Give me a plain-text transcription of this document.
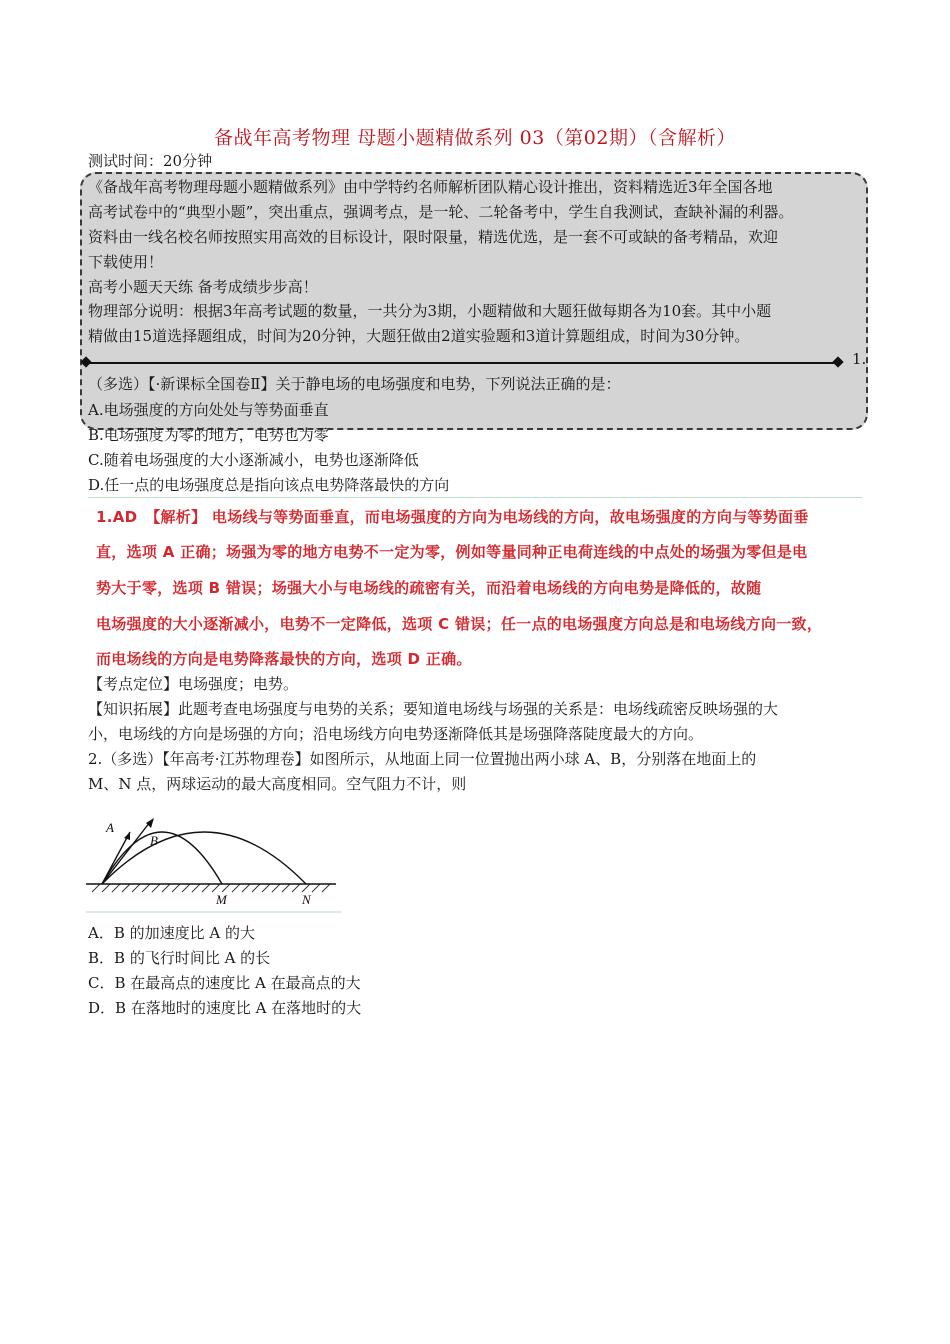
备战年高考物理 母题小题精做系列 03（第02期）（含解析）
测试时间：20分钟
《备战年高考物理母题小题精做系列》由中学特约名师解析团队精心设计推出，资料精选近3年全国各地
高考试卷中的“典型小题”，突出重点，强调考点，是一轮、二轮备考中，学生自我测试，查缺补漏的利器。
资料由一线名校名师按照实用高效的目标设计，限时限量，精选优选，是一套不可或缺的备考精品，欢迎
下载使用！
高考小题天天练 备考成绩步步高！
物理部分说明：根据3年高考试题的数量，一共分为3期，小题精做和大题狂做每期各为10套。其中小题
精做由15道选择题组成，时间为20分钟，大题狂做由2道实验题和3道计算题组成，时间为30分钟。
1.
（多选）【·新课标全国卷Ⅱ】关于静电场的电场强度和电势，下列说法正确的是：
A.电场强度的方向处处与等势面垂直
B.电场强度为零的地方，电势也为零
C.随着电场强度的大小逐渐减小，电势也逐渐降低
D.任一点的电场强度总是指向该点电势降落最快的方向
1.AD　【解析】 电场线与等势面垂直，而电场强度的方向为电场线的方向，故电场强度的方向与等势面垂
直，选项 A 正确；场强为零的地方电势不一定为零，例如等量同种正电荷连线的中点处的场强为零但是电
势大于零，选项 B 错误；场强大小与电场线的疏密有关，而沿着电场线的方向电势是降低的，故随
电场强度的大小逐渐减小，电势不一定降低，选项 C 错误；任一点的电场强度方向总是和电场线方向一致，
而电场线的方向是电势降落最快的方向，选项 D 正确。
【考点定位】电场强度；电势。
【知识拓展】此题考查电场强度与电势的关系；要知道电场线与场强的关系是：电场线疏密反映场强的大
小，电场线的方向是场强的方向；沿电场线方向电势逐渐降低其是场强降落陡度最大的方向。
2.（多选）【年高考·江苏物理卷】如图所示，从地面上同一位置抛出两小球 A、B，分别落在地面上的
M、N 点，两球运动的最大高度相同。空气阻力不计，则
A
B
M	N
A．B 的加速度比 A 的大
B．B 的飞行时间比 A 的长
C．B 在最高点的速度比 A 在最高点的大
D．B 在落地时的速度比 A 在落地时的大
